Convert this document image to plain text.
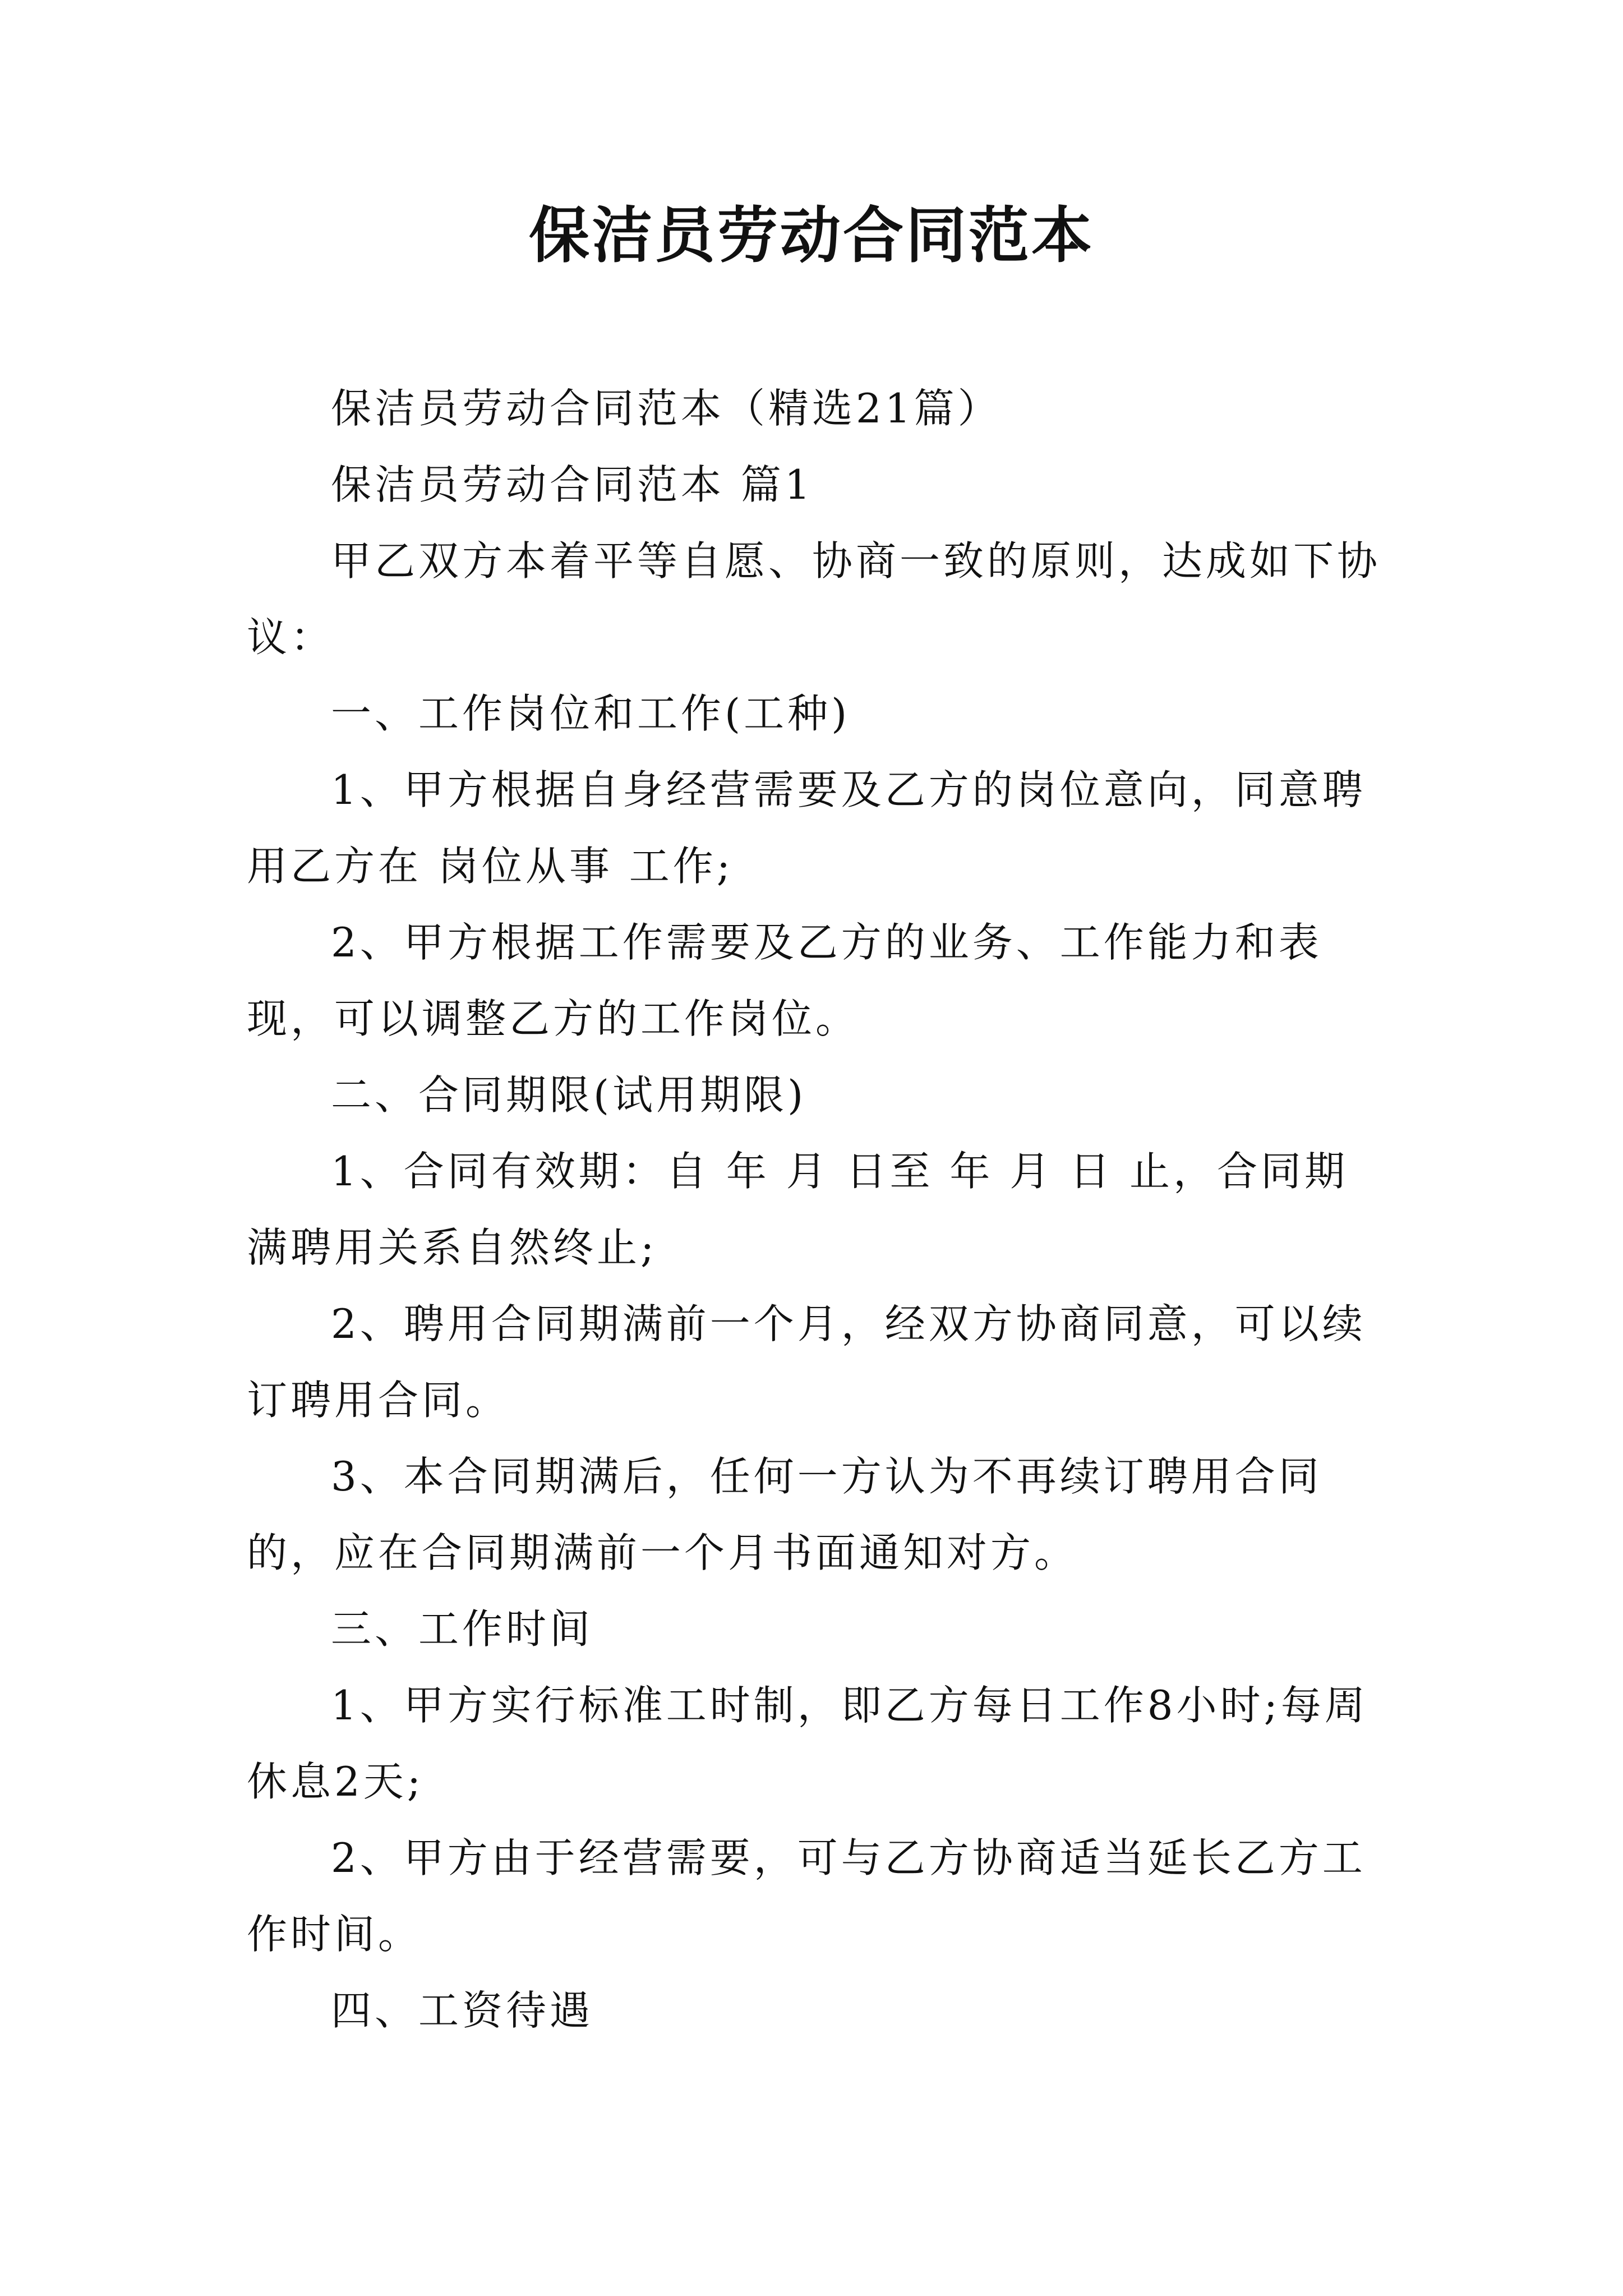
保洁员劳动合同范本

保洁员劳动合同范本（精选21篇）

保洁员劳动合同范本 篇1

甲乙双方本着平等自愿、协商一致的原则，达成如下协议：

一、工作岗位和工作(工种)

1、甲方根据自身经营需要及乙方的岗位意向，同意聘用乙方在 岗位从事 工作;

2、甲方根据工作需要及乙方的业务、工作能力和表现，可以调整乙方的工作岗位。

二、合同期限(试用期限)

1、合同有效期：自 年 月 日至 年 月 日 止，合同期满聘用关系自然终止;

2、聘用合同期满前一个月，经双方协商同意，可以续订聘用合同。

3、本合同期满后，任何一方认为不再续订聘用合同的，应在合同期满前一个月书面通知对方。

三、工作时间

1、甲方实行标准工时制，即乙方每日工作8小时;每周休息2天;

2、甲方由于经营需要，可与乙方协商适当延长乙方工作时间。

四、工资待遇
